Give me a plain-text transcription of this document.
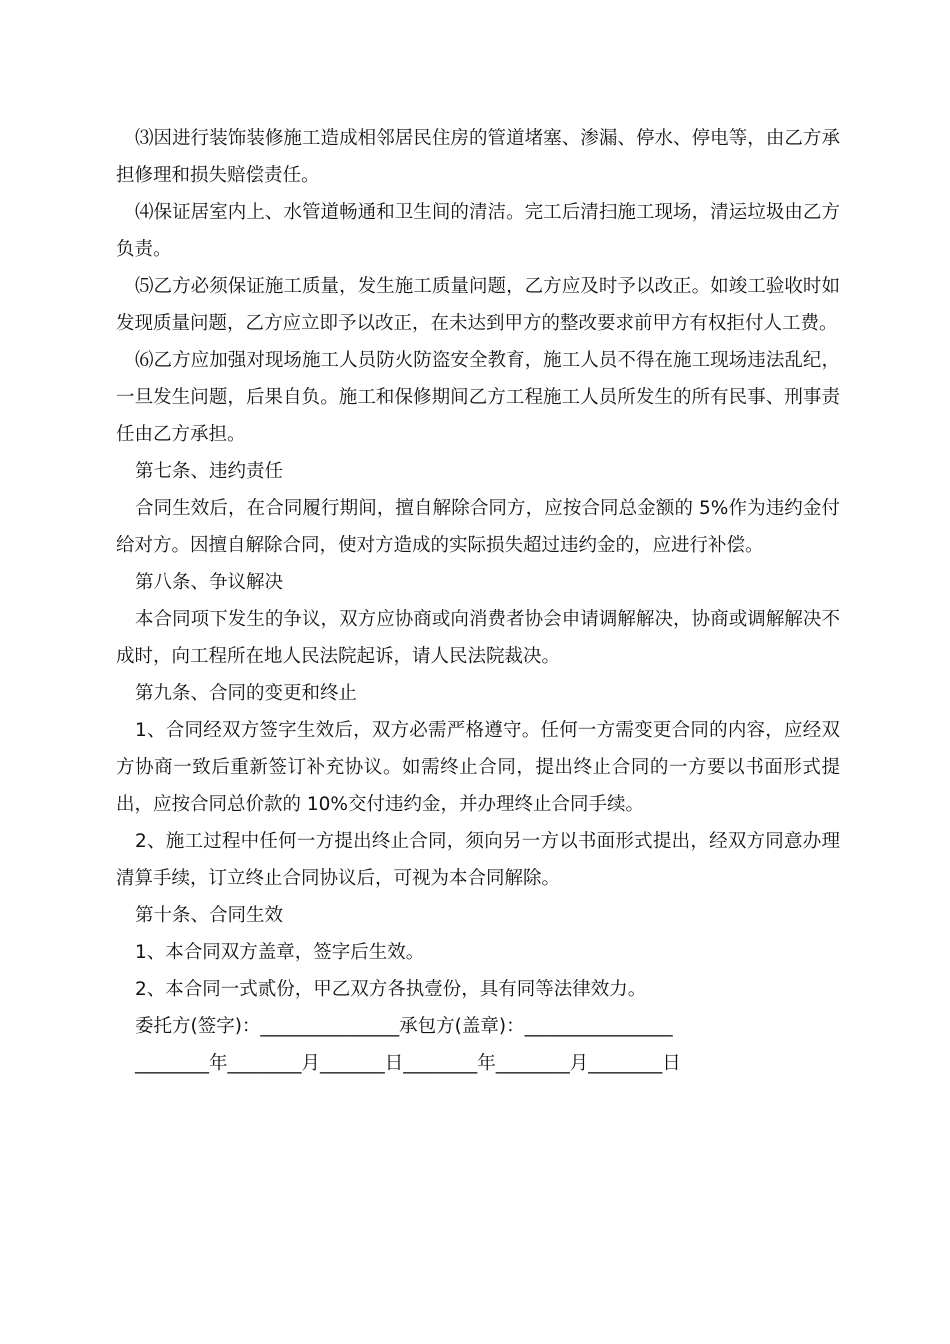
⑶因进行装饰装修施工造成相邻居民住房的管道堵塞、渗漏、停水、停电等，由乙方承担修理和损失赔偿责任。

⑷保证居室内上、水管道畅通和卫生间的清洁。完工后清扫施工现场，清运垃圾由乙方负责。

⑸乙方必须保证施工质量，发生施工质量问题，乙方应及时予以改正。如竣工验收时如发现质量问题，乙方应立即予以改正，在未达到甲方的整改要求前甲方有权拒付人工费。

⑹乙方应加强对现场施工人员防火防盗安全教育，施工人员不得在施工现场违法乱纪，一旦发生问题，后果自负。施工和保修期间乙方工程施工人员所发生的所有民事、刑事责任由乙方承担。

第七条、违约责任

合同生效后，在合同履行期间，擅自解除合同方，应按合同总金额的 5%作为违约金付给对方。因擅自解除合同，使对方造成的实际损失超过违约金的，应进行补偿。

第八条、争议解决

本合同项下发生的争议，双方应协商或向消费者协会申请调解解决，协商或调解解决不成时，向工程所在地人民法院起诉，请人民法院裁决。

第九条、合同的变更和终止

1、合同经双方签字生效后，双方必需严格遵守。任何一方需变更合同的内容，应经双方协商一致后重新签订补充协议。如需终止合同，提出终止合同的一方要以书面形式提出，应按合同总价款的 10%交付违约金，并办理终止合同手续。

2、施工过程中任何一方提出终止合同，须向另一方以书面形式提出，经双方同意办理清算手续，订立终止合同协议后，可视为本合同解除。

第十条、合同生效

1、本合同双方盖章，签字后生效。

2、本合同一式贰份，甲乙双方各执壹份，具有同等法律效力。

委托方(签字)：_______________承包方(盖章)：________________

________年________月_______日________年________月________日
